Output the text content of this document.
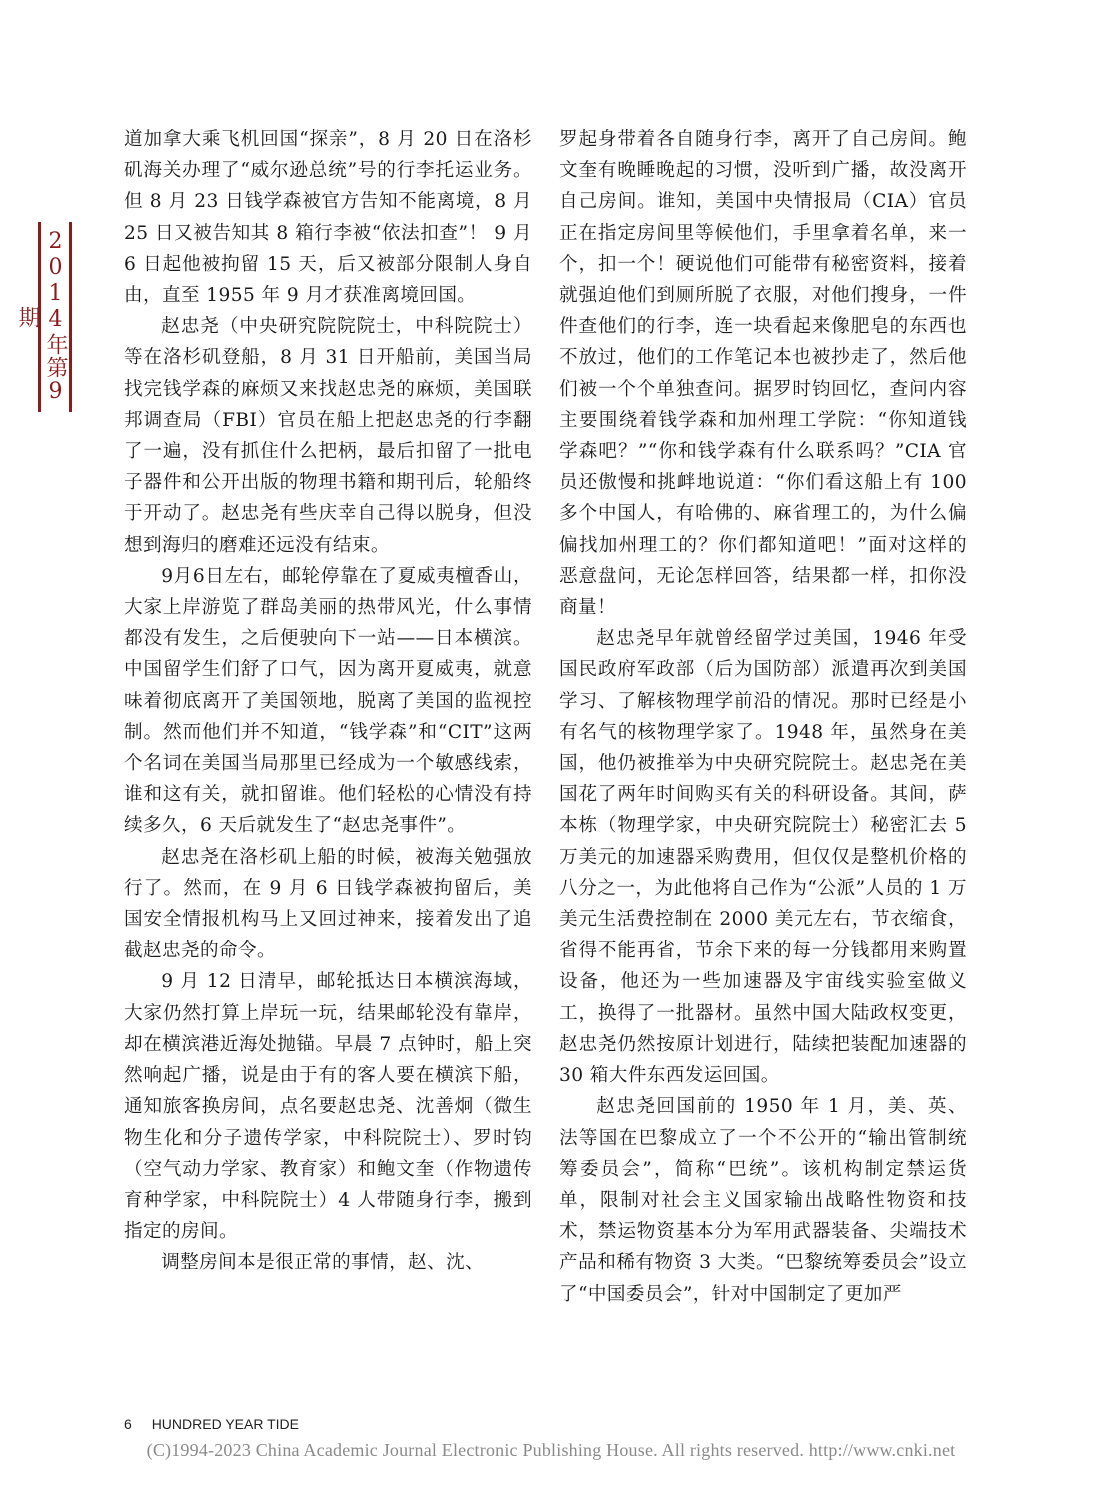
2014年第9期

道加拿大乘飞机回国“探亲”，8 月 20 日在洛杉矶海关办理了“威尔逊总统”号的行李托运业务。但 8 月 23 日钱学森被官方告知不能离境，8 月 25 日又被告知其 8 箱行李被“依法扣查”！ 9 月 6 日起他被拘留 15 天，后又被部分限制人身自由，直至 1955 年 9 月才获准离境回国。

赵忠尧（中央研究院院院士，中科院院士）等在洛杉矶登船，8 月 31 日开船前，美国当局找完钱学森的麻烦又来找赵忠尧的麻烦，美国联邦调查局（FBI）官员在船上把赵忠尧的行李翻了一遍，没有抓住什么把柄，最后扣留了一批电子器件和公开出版的物理书籍和期刊后，轮船终于开动了。赵忠尧有些庆幸自己得以脱身，但没想到海归的磨难还远没有结束。

9月6日左右，邮轮停靠在了夏威夷檀香山，大家上岸游览了群岛美丽的热带风光，什么事情都没有发生，之后便驶向下一站——日本横滨。中国留学生们舒了口气，因为离开夏威夷，就意味着彻底离开了美国领地，脱离了美国的监视控制。然而他们并不知道，“钱学森”和“CIT”这两个名词在美国当局那里已经成为一个敏感线索，谁和这有关，就扣留谁。他们轻松的心情没有持续多久，6 天后就发生了“赵忠尧事件”。

赵忠尧在洛杉矶上船的时候，被海关勉强放行了。然而，在 9 月 6 日钱学森被拘留后，美国安全情报机构马上又回过神来，接着发出了追截赵忠尧的命令。

9 月 12 日清早，邮轮抵达日本横滨海域，大家仍然打算上岸玩一玩，结果邮轮没有靠岸，却在横滨港近海处抛锚。早晨 7 点钟时，船上突然响起广播，说是由于有的客人要在横滨下船，通知旅客换房间，点名要赵忠尧、沈善炯（微生物生化和分子遗传学家，中科院院士）、罗时钧（空气动力学家、教育家）和鲍文奎（作物遗传育种学家，中科院院士）4 人带随身行李，搬到指定的房间。

调整房间本是很正常的事情，赵、沈、

罗起身带着各自随身行李，离开了自己房间。鲍文奎有晚睡晚起的习惯，没听到广播，故没离开自己房间。谁知，美国中央情报局（CIA）官员正在指定房间里等候他们，手里拿着名单，来一个，扣一个！硬说他们可能带有秘密资料，接着就强迫他们到厕所脱了衣服，对他们搜身，一件件查他们的行李，连一块看起来像肥皂的东西也不放过，他们的工作笔记本也被抄走了，然后他们被一个个单独查问。据罗时钧回忆，查问内容主要围绕着钱学森和加州理工学院：“你知道钱学森吧？”“你和钱学森有什么联系吗？”CIA 官员还傲慢和挑衅地说道：“你们看这船上有 100 多个中国人，有哈佛的、麻省理工的，为什么偏偏找加州理工的？你们都知道吧！”面对这样的恶意盘问，无论怎样回答，结果都一样，扣你没商量！

赵忠尧早年就曾经留学过美国，1946 年受国民政府军政部（后为国防部）派遣再次到美国学习、了解核物理学前沿的情况。那时已经是小有名气的核物理学家了。1948 年，虽然身在美国，他仍被推举为中央研究院院士。赵忠尧在美国花了两年时间购买有关的科研设备。其间，萨本栋（物理学家，中央研究院院士）秘密汇去 5 万美元的加速器采购费用，但仅仅是整机价格的八分之一，为此他将自己作为“公派”人员的 1 万美元生活费控制在 2000 美元左右，节衣缩食，省得不能再省，节余下来的每一分钱都用来购置设备，他还为一些加速器及宇宙线实验室做义工，换得了一批器材。虽然中国大陆政权变更，赵忠尧仍然按原计划进行，陆续把装配加速器的 30 箱大件东西发运回国。

赵忠尧回国前的 1950 年 1 月，美、英、法等国在巴黎成立了一个不公开的“输出管制统筹委员会”，简称“巴统”。该机构制定禁运货单，限制对社会主义国家输出战略性物资和技术，禁运物资基本分为军用武器装备、尖端技术产品和稀有物资 3 大类。“巴黎统筹委员会”设立了“中国委员会”，针对中国制定了更加严

6 HUNDRED YEAR TIDE
(C)1994-2023 China Academic Journal Electronic Publishing House. All rights reserved. http://www.cnki.net
